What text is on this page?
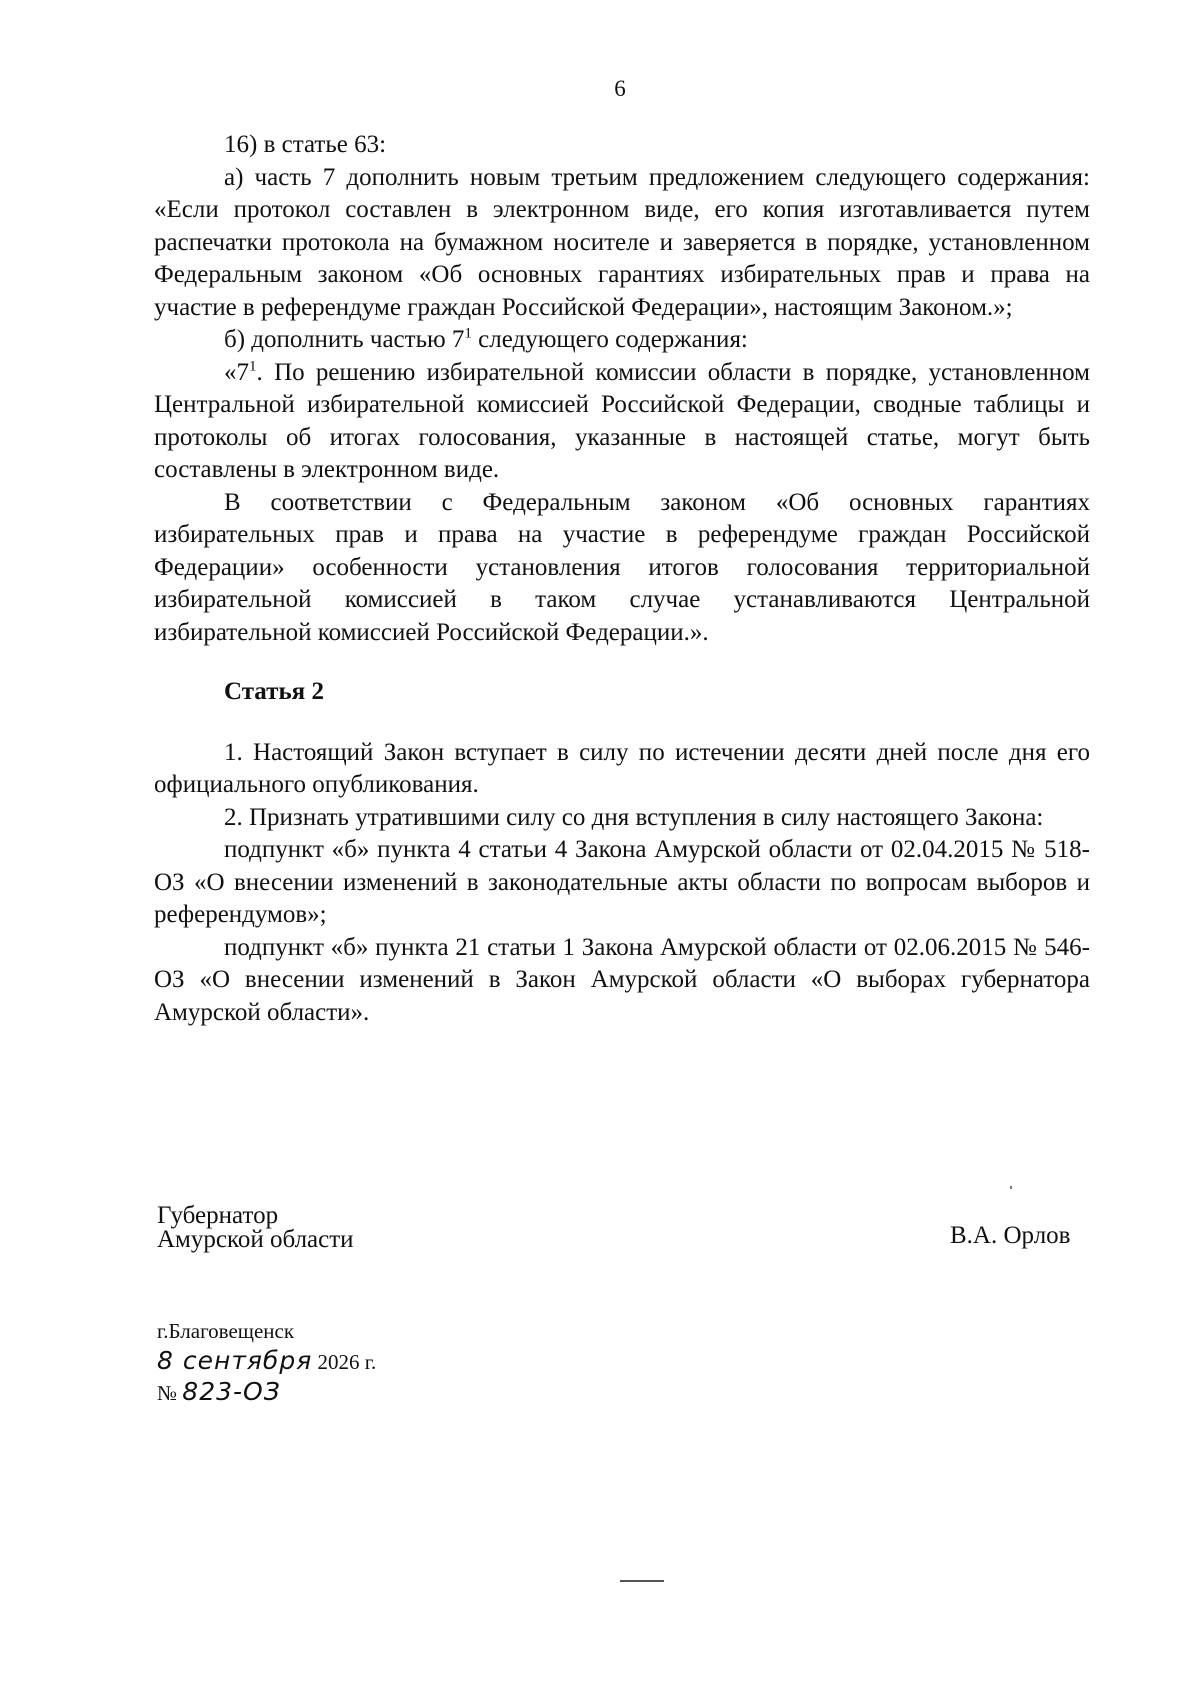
6

16) в статье 63:

а) часть 7 дополнить новым третьим предложением следующего содержания: «Если протокол составлен в электронном виде, его копия изготавливается путем распечатки протокола на бумажном носителе и заверяется в порядке, установленном Федеральным законом «Об основных гарантиях избирательных прав и права на участие в референдуме граждан Российской Федерации», настоящим Законом.»;

б) дополнить частью $7^1$ следующего содержания:

«$7^1$. По решению избирательной комиссии области в порядке, установленном Центральной избирательной комиссией Российской Федерации, сводные таблицы и протоколы об итогах голосования, указанные в настоящей статье, могут быть составлены в электронном виде.

В соответствии с Федеральным законом «Об основных гарантиях избирательных прав и права на участие в референдуме граждан Российской Федерации» особенности установления итогов голосования территориальной избирательной комиссией в таком случае устанавливаются Центральной избирательной комиссией Российской Федерации.».

Статья 2

1. Настоящий Закон вступает в силу по истечении десяти дней после дня его официального опубликования.

2. Признать утратившими силу со дня вступления в силу настоящего Закона:

подпункт «б» пункта 4 статьи 4 Закона Амурской области от 02.04.2015 № 518-ОЗ «О внесении изменений в законодательные акты области по вопросам выборов и референдумов»;

подпункт «б» пункта 21 статьи 1 Закона Амурской области от 02.06.2015 № 546-ОЗ «О внесении изменений в Закон Амурской области «О выборах губернатора Амурской области».

Губернатор
Амурской области	В.А. Орлов
г.Благовещенск
8 сентября 2026 г.
№ 823-ОЗ
